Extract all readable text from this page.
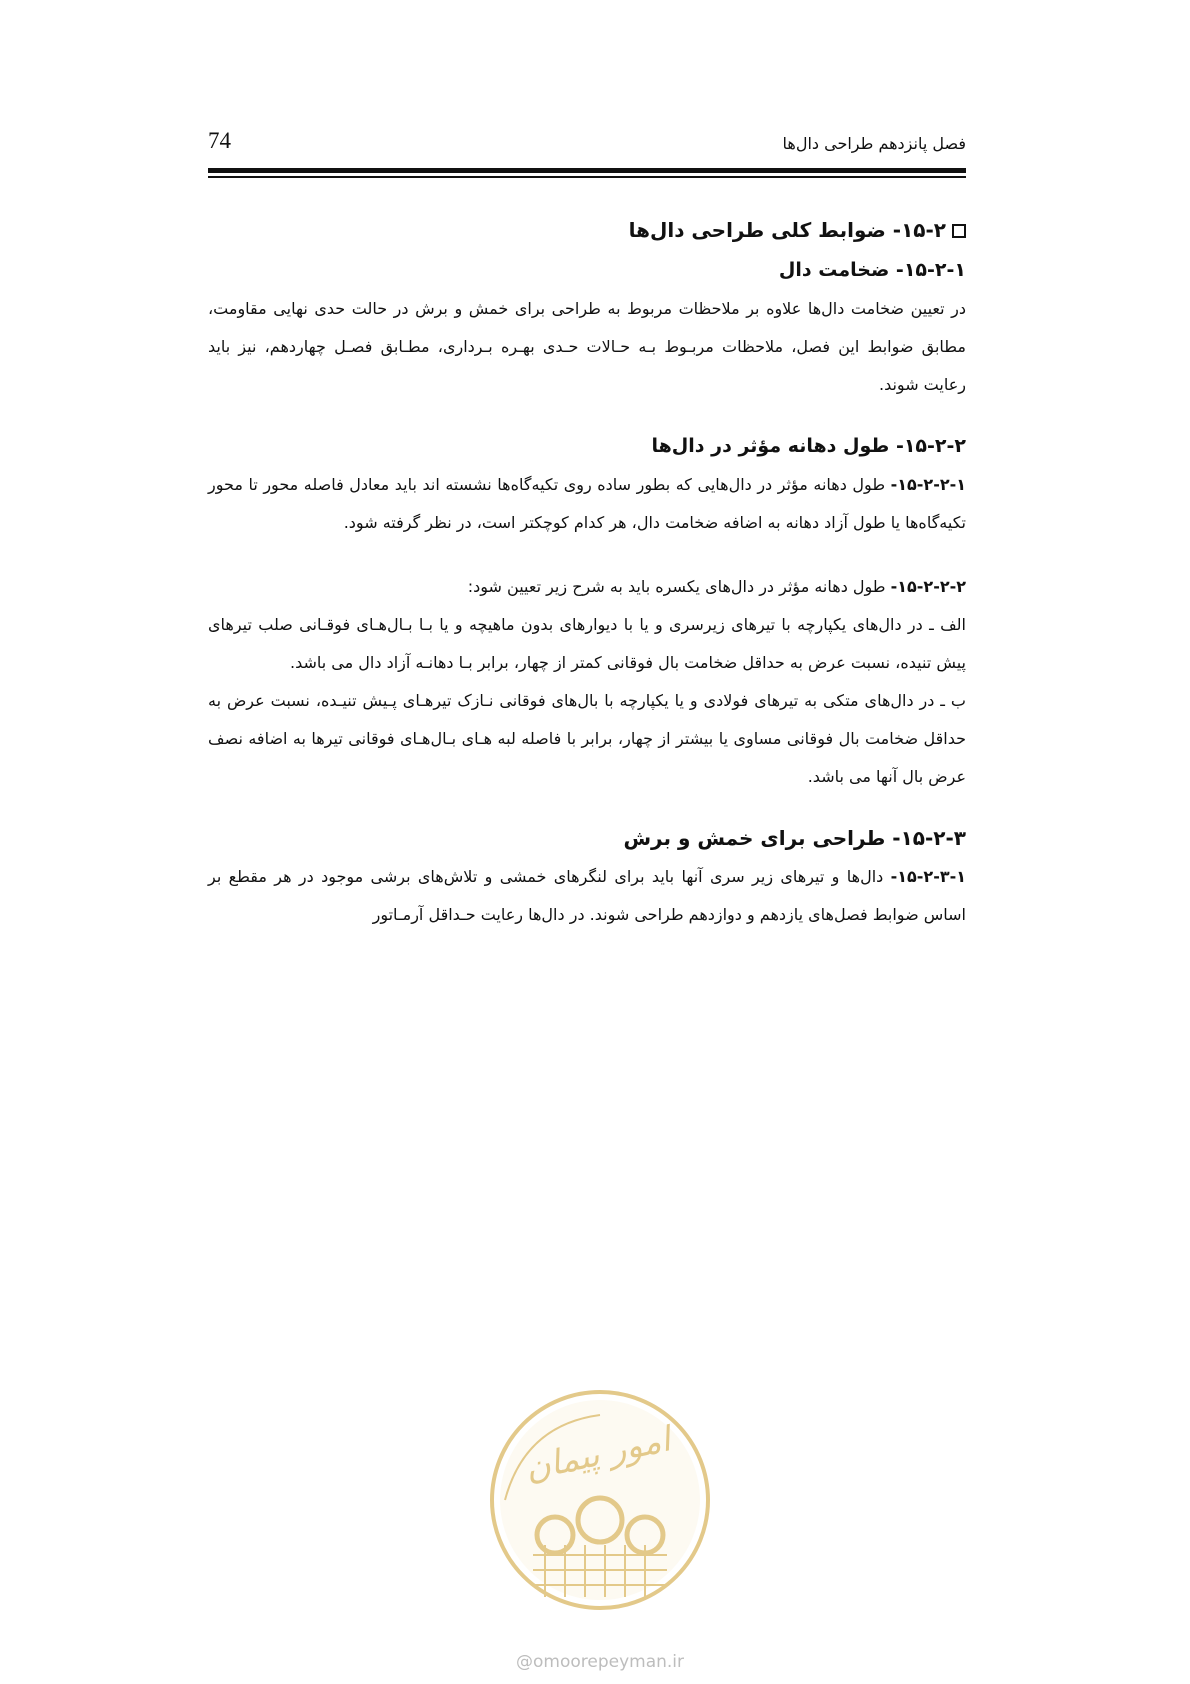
74	فصل پانزدهم طراحی دال‌ها

۱۵-۲- ضوابط کلی طراحی دال‌ها

۱۵-۲-۱- ضخامت دال

در تعیین ضخامت دال‌ها علاوه بر ملاحظات مربوط به طراحی برای خمش و برش در حالت حدی نهایی مقاومت، مطابق ضوابط این فصل، ملاحظات مربـوط بـه حـالات حـدی بهـره بـرداری، مطـابق فصـل چهاردهم، نیز باید رعایت شوند.

۱۵-۲-۲- طول دهانه مؤثر در دال‌ها

۱۵-۲-۲-۱- طول دهانه مؤثر در دال‌هایی که بطور ساده روی تکیه‌گاه‌ها نشسته اند باید معادل فاصله محور تا محور تکیه‌گاه‌ها یا طول آزاد دهانه به اضافه ضخامت دال، هر کدام کوچکتر است، در نظر گرفته شود.

۱۵-۲-۲-۲- طول دهانه مؤثر در دال‌های یکسره باید به شرح زیر تعیین شود:

الف ـ در دال‌های یکپارچه با تیرهای زیرسری و یا با دیوارهای بدون ماهیچه و یا بـا بـال‌هـای فوقـانی صلب تیرهای پیش تنیده، نسبت عرض به حداقل ضخامت بال فوقانی کمتر از چهار، برابر بـا دهانـه آزاد دال می باشد.

ب ـ در دال‌های متکی به تیرهای فولادی و یا یکپارچه با بال‌های فوقانی نـازک تیرهـای پـیش تنیـده، نسبت عرض به حداقل ضخامت بال فوقانی مساوی یا بیشتر از چهار، برابر با فاصله لبه هـای بـال‌هـای فوقانی تیرها به اضافه نصف عرض بال آنها می باشد.

۱۵-۲-۳- طراحی برای خمش و برش

۱۵-۲-۳-۱- دال‌ها و تیرهای زیر سری آنها باید برای لنگرهای خمشی و تلاش‌های برشی موجود در هر مقطع بر اساس ضوابط فصل‌های یازدهم و دوازدهم طراحی شوند. در دال‌ها رعایت حـداقل آرمـاتور

امور پیمان
@omoorepeyman.ir
